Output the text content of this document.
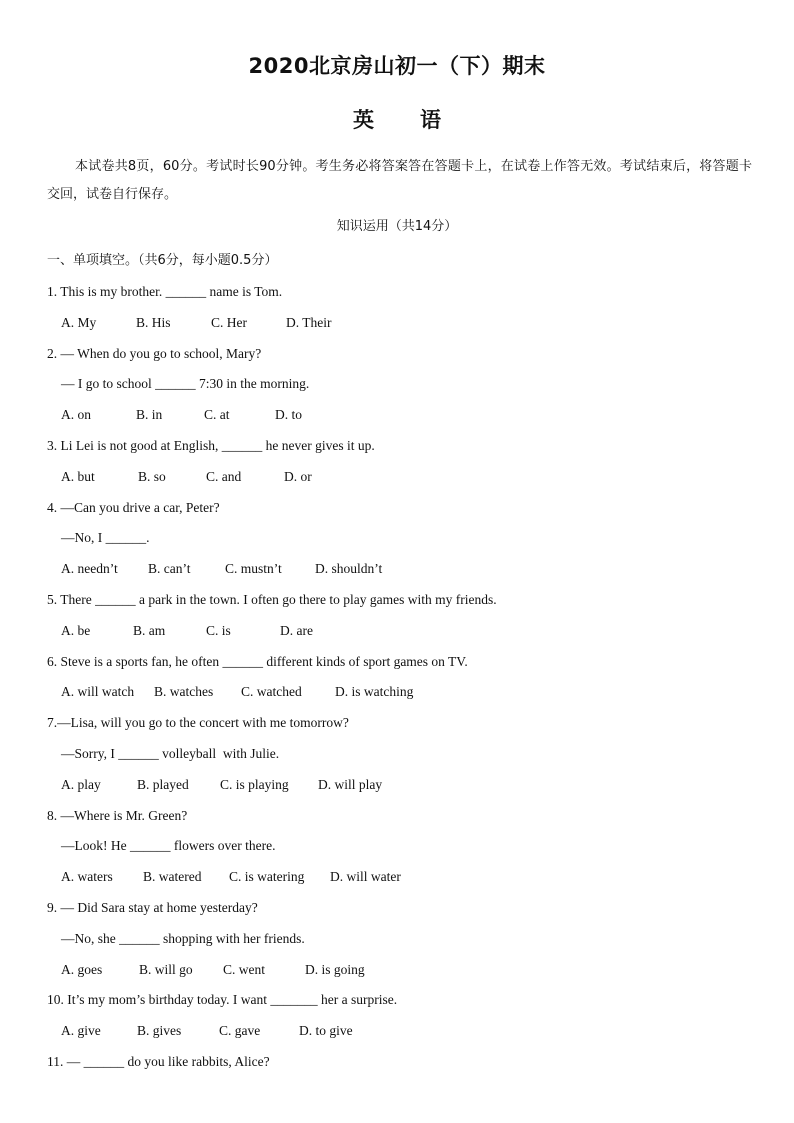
2020北京房山初一（下）期末
英 语
本试卷共8页，60分。考试时长90分钟。考生务必将答案答在答题卡上，在试卷上作答无效。考试结束后，将答题卡交回，试卷自行保存。
知识运用（共14分）
一、单项填空。（共6分，每小题0.5分）
1. This is my brother. ______ name is Tom.
A. My	B. His	C. Her	D. Their
2. — When do you go to school, Mary?
— I go to school ______ 7:30 in the morning.
A. on	B. in	C. at	D. to
3. Li Lei is not good at English, ______ he never gives it up.
A. but	B. so	C. and	D. or
4. —Can you drive a car, Peter?
—No, I ______.
A. needn’t B. can’t	C. mustn’t D. shouldn’t
5. There ______ a park in the town. I often go there to play games with my friends.
A. be	B. am	C. is	D. are
6. Steve is a sports fan, he often ______ different kinds of sport games on TV.
A. will watch B. watches C. watched D. is watching
7.—Lisa, will you go to the concert with me tomorrow?
—Sorry, I ______ volleyball  with Julie.
A. play	B. played C. is playing D. will play
8. —Where is Mr. Green?
—Look! He ______ flowers over there.
A. waters B. watered C. is watering D. will water
9. — Did Sara stay at home yesterday?
—No, she ______ shopping with her friends.
A. goes	B. will go C. went	D. is going
10. It’s my mom’s birthday today. I want _______ her a surprise.
A. give	B. gives	C. gave	D. to give
11. — ______ do you like rabbits, Alice?
